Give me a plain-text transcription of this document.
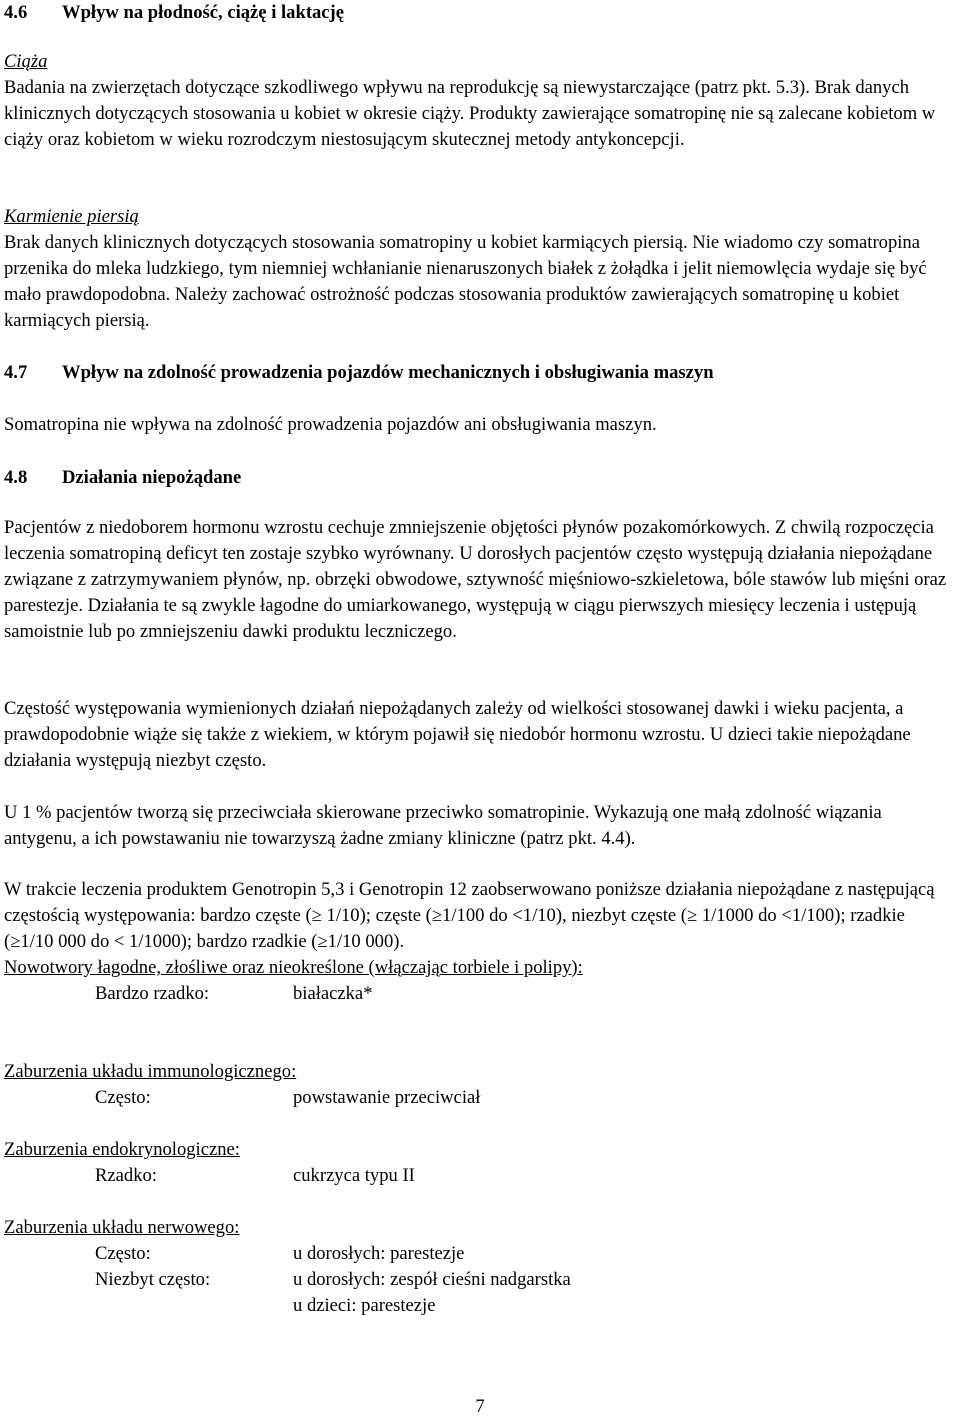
4.6 Wpływ na płodność, ciążę i laktację

Ciąża

Badania na zwierzętach dotyczące szkodliwego wpływu na reprodukcję są niewystarczające (patrz pkt. 5.3). Brak danych klinicznych dotyczących stosowania u kobiet w okresie ciąży. Produkty zawierające somatropinę nie są zalecane kobietom w ciąży oraz kobietom w wieku rozrodczym niestosującym skutecznej metody antykoncepcji.

Karmienie piersią

Brak danych klinicznych dotyczących stosowania somatropiny u kobiet karmiących piersią. Nie wiadomo czy somatropina przenika do mleka ludzkiego, tym niemniej wchłanianie nienaruszonych białek z żołądka i jelit niemowlęcia wydaje się być mało prawdopodobna. Należy zachować ostrożność podczas stosowania produktów zawierających somatropinę u kobiet karmiących piersią.

4.7 Wpływ na zdolność prowadzenia pojazdów mechanicznych i obsługiwania maszyn

Somatropina nie wpływa na zdolność prowadzenia pojazdów ani obsługiwania maszyn.

4.8 Działania niepożądane

Pacjentów z niedoborem hormonu wzrostu cechuje zmniejszenie objętości płynów pozakomórkowych. Z chwilą rozpoczęcia leczenia somatropiną deficyt ten zostaje szybko wyrównany. U dorosłych pacjentów często występują działania niepożądane związane z zatrzymywaniem płynów, np. obrzęki obwodowe, sztywność mięśniowo-szkieletowa, bóle stawów lub mięśni oraz parestezje. Działania te są zwykle łagodne do umiarkowanego, występują w ciągu pierwszych miesięcy leczenia i ustępują samoistnie lub po zmniejszeniu dawki produktu leczniczego.

Częstość występowania wymienionych działań niepożądanych zależy od wielkości stosowanej dawki i wieku pacjenta, a prawdopodobnie wiąże się także z wiekiem, w którym pojawił się niedobór hormonu wzrostu. U dzieci takie niepożądane działania występują niezbyt często.

U 1 % pacjentów tworzą się przeciwciała skierowane przeciwko somatropinie. Wykazują one małą zdolność wiązania antygenu, a ich powstawaniu nie towarzyszą żadne zmiany kliniczne (patrz pkt. 4.4).

W trakcie leczenia produktem Genotropin 5,3 i Genotropin 12 zaobserwowano poniższe działania niepożądane z następującą częstością występowania: bardzo częste (≥ 1/10); częste (≥1/100 do <1/10), niezbyt częste (≥ 1/1000 do <1/100); rzadkie (≥1/10 000 do < 1/1000); bardzo rzadkie (≥1/10 000).

Nowotwory łagodne, złośliwe oraz nieokreślone (włączając torbiele i polipy):
Bardzo rzadko:	białaczka*
Zaburzenia układu immunologicznego:
Często:	powstawanie przeciwciał
Zaburzenia endokrynologiczne:
Rzadko:	cukrzyca typu II
Zaburzenia układu nerwowego:
Często:	u dorosłych: parestezje
Niezbyt często:	u dorosłych: zespół cieśni nadgarstka
u dzieci: parestezje
7
